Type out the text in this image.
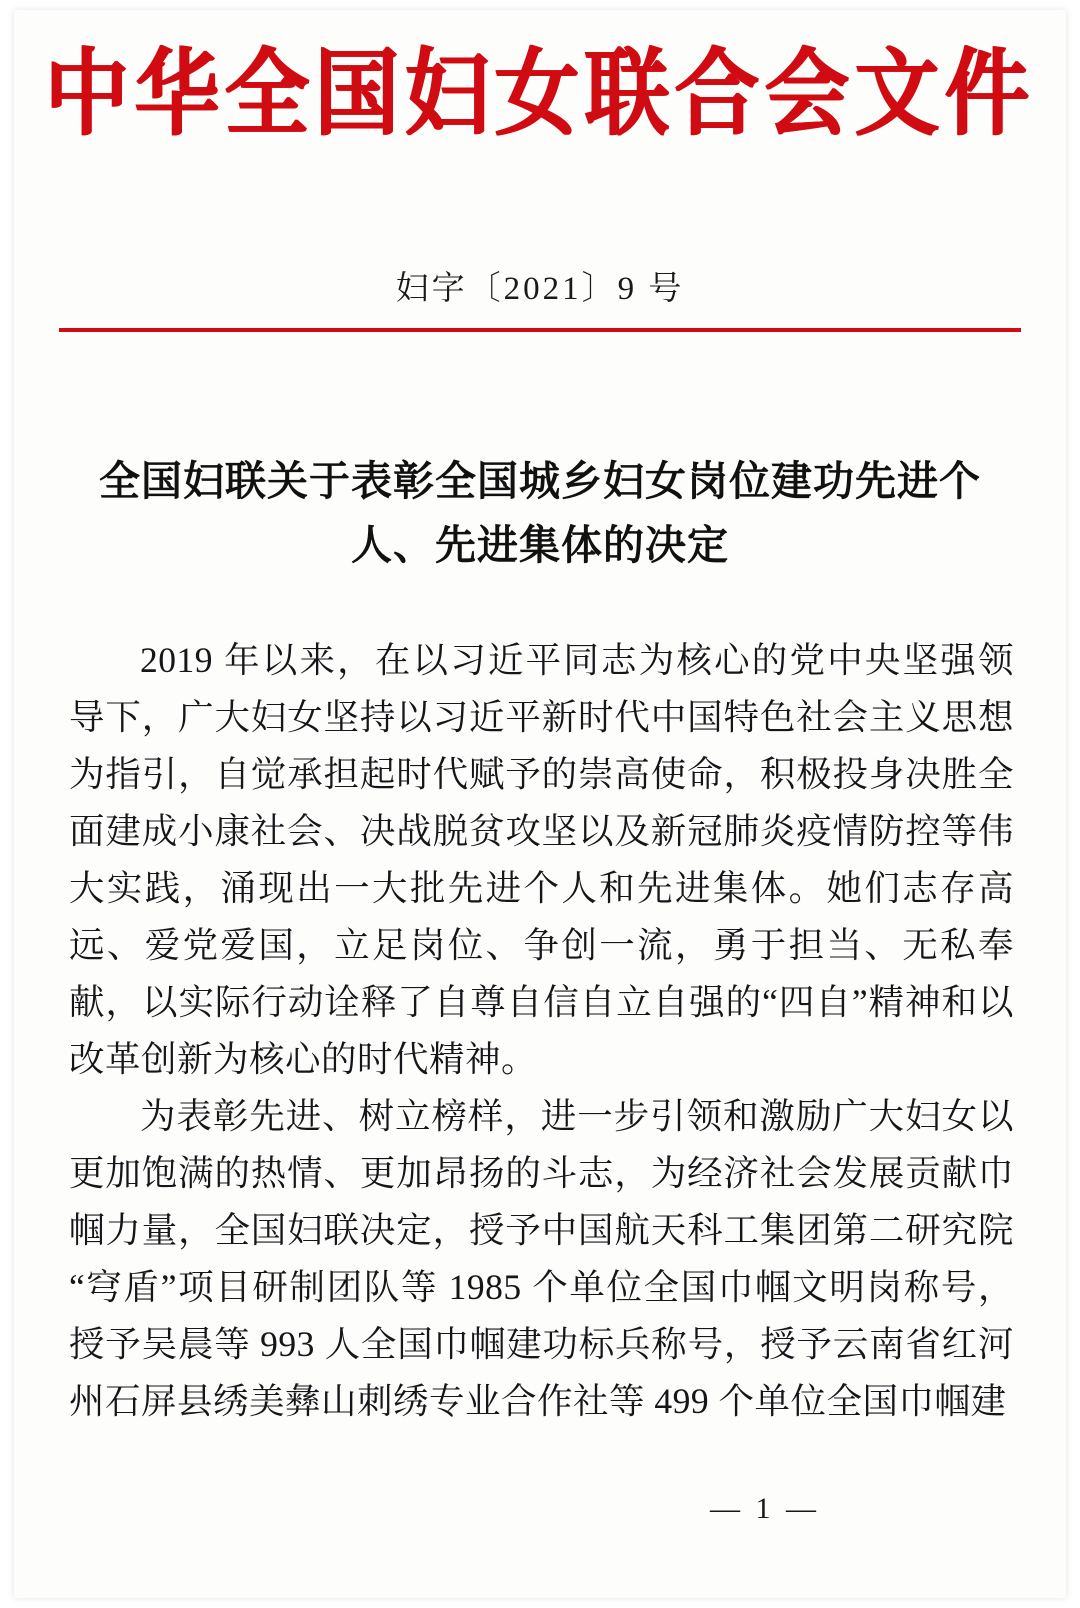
中华全国妇女联合会文件
妇字〔2021〕9 号
全国妇联关于表彰全国城乡妇女岗位建功先进个人、先进集体的决定

2019 年以来，在以习近平同志为核心的党中央坚强领导下，广大妇女坚持以习近平新时代中国特色社会主义思想为指引，自觉承担起时代赋予的崇高使命，积极投身决胜全面建成小康社会、决战脱贫攻坚以及新冠肺炎疫情防控等伟大实践，涌现出一大批先进个人和先进集体。她们志存高远、爱党爱国，立足岗位、争创一流，勇于担当、无私奉献，以实际行动诠释了自尊自信自立自强的“四自”精神和以改革创新为核心的时代精神。

为表彰先进、树立榜样，进一步引领和激励广大妇女以更加饱满的热情、更加昂扬的斗志，为经济社会发展贡献巾帼力量，全国妇联决定，授予中国航天科工集团第二研究院“穹盾”项目研制团队等 1985 个单位全国巾帼文明岗称号，授予吴晨等 993 人全国巾帼建功标兵称号，授予云南省红河州石屏县绣美彝山刺绣专业合作社等 499 个单位全国巾帼建

— 1 —
